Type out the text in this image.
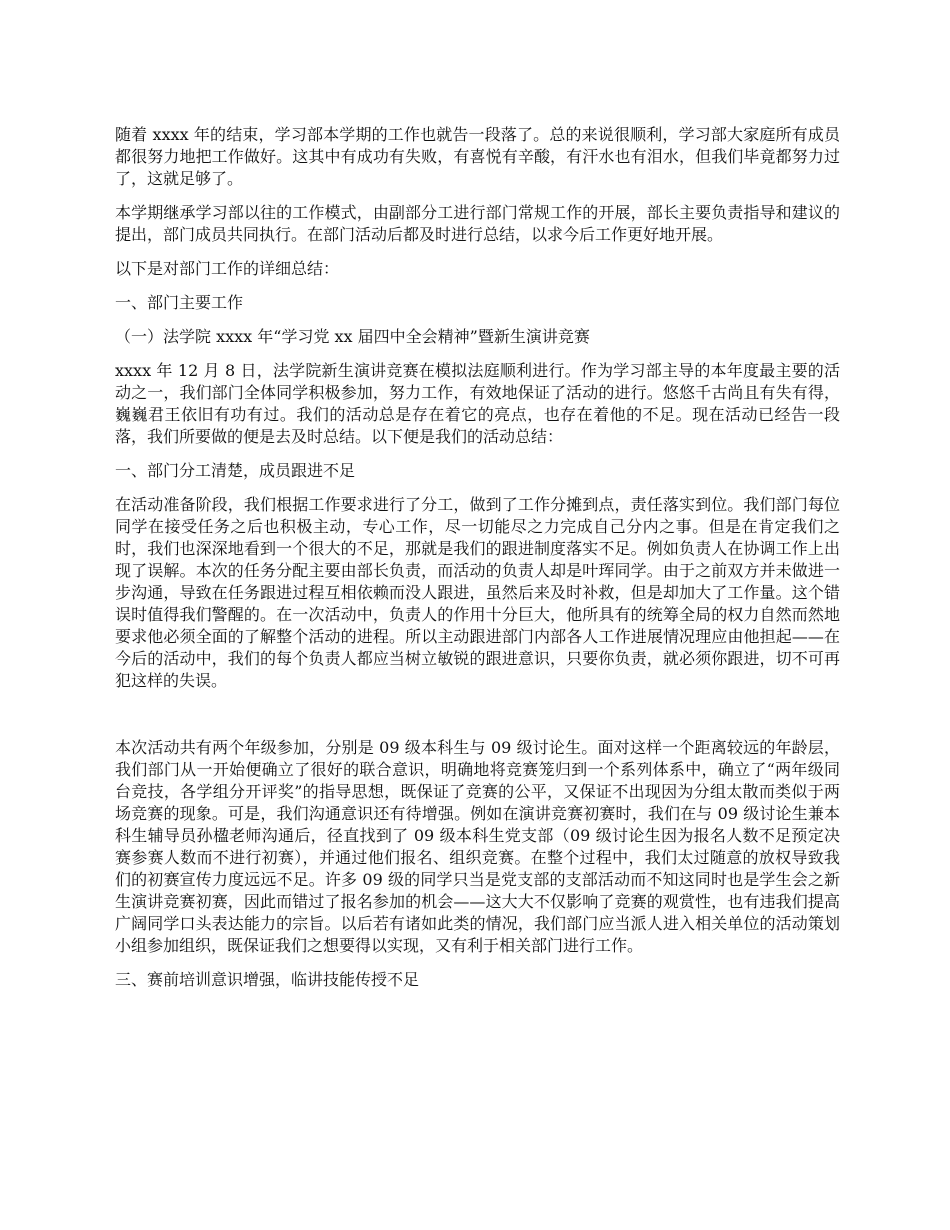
随着 xxxx 年的结束，学习部本学期的工作也就告一段落了。总的来说很顺利，学习部大家庭所有成员都很努力地把工作做好。这其中有成功有失败，有喜悦有辛酸，有汗水也有泪水，但我们毕竟都努力过了，这就足够了。

本学期继承学习部以往的工作模式，由副部分工进行部门常规工作的开展，部长主要负责指导和建议的提出，部门成员共同执行。在部门活动后都及时进行总结，以求今后工作更好地开展。

以下是对部门工作的详细总结：

一、部门主要工作

（一）法学院 xxxx 年“学习党 xx 届四中全会精神”暨新生演讲竞赛

xxxx 年 12 月 8 日，法学院新生演讲竞赛在模拟法庭顺利进行。作为学习部主导的本年度最主要的活动之一，我们部门全体同学积极参加，努力工作，有效地保证了活动的进行。悠悠千古尚且有失有得，巍巍君王依旧有功有过。我们的活动总是存在着它的亮点，也存在着他的不足。现在活动已经告一段落，我们所要做的便是去及时总结。以下便是我们的活动总结：

一、部门分工清楚，成员跟进不足

在活动准备阶段，我们根据工作要求进行了分工，做到了工作分摊到点，责任落实到位。我们部门每位同学在接受任务之后也积极主动，专心工作，尽一切能尽之力完成自己分内之事。但是在肯定我们之时，我们也深深地看到一个很大的不足，那就是我们的跟进制度落实不足。例如负责人在协调工作上出现了误解。本次的任务分配主要由部长负责，而活动的负责人却是叶珲同学。由于之前双方并未做进一步沟通，导致在任务跟进过程互相依赖而没人跟进，虽然后来及时补救，但是却加大了工作量。这个错误时值得我们警醒的。在一次活动中，负责人的作用十分巨大，他所具有的统筹全局的权力自然而然地要求他必须全面的了解整个活动的进程。所以主动跟进部门内部各人工作进展情况理应由他担起——在今后的活动中，我们的每个负责人都应当树立敏锐的跟进意识，只要你负责，就必须你跟进，切不可再犯这样的失误。

本次活动共有两个年级参加，分别是 09 级本科生与 09 级讨论生。面对这样一个距离较远的年龄层，我们部门从一开始便确立了很好的联合意识，明确地将竞赛笼归到一个系列体系中，确立了“两年级同台竞技，各学组分开评奖”的指导思想，既保证了竞赛的公平，又保证不出现因为分组太散而类似于两场竞赛的现象。可是，我们沟通意识还有待增强。例如在演讲竞赛初赛时，我们在与 09 级讨论生兼本科生辅导员孙楹老师沟通后，径直找到了 09 级本科生党支部（09 级讨论生因为报名人数不足预定决赛参赛人数而不进行初赛），并通过他们报名、组织竞赛。在整个过程中，我们太过随意的放权导致我们的初赛宣传力度远远不足。许多 09 级的同学只当是党支部的支部活动而不知这同时也是学生会之新生演讲竞赛初赛，因此而错过了报名参加的机会——这大大不仅影响了竞赛的观赏性，也有违我们提高广阔同学口头表达能力的宗旨。以后若有诸如此类的情况，我们部门应当派人进入相关单位的活动策划小组参加组织，既保证我们之想要得以实现，又有利于相关部门进行工作。

三、赛前培训意识增强，临讲技能传授不足
